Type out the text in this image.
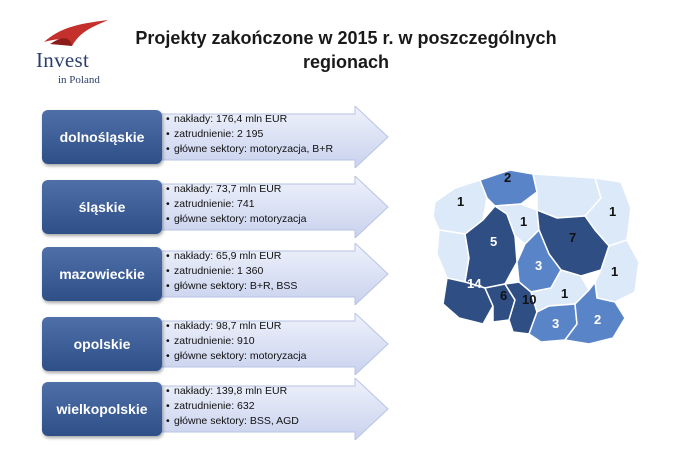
Invest
in Poland
Projekty zakończone w 2015 r. w poszczególnych regionach
dolnośląskie
• nakłady: 176,4 mln EUR
• zatrudnienie: 2 195
• główne sektory: motoryzacja, B+R
śląskie
• nakłady: 73,7 mln EUR
• zatrudnienie: 741
• główne sektory: motoryzacja
mazowieckie
• nakłady: 65,9 mln EUR
• zatrudnienie: 1 360
• główne sektory: B+R, BSS
opolskie
• nakłady: 98,7 mln EUR
• zatrudnienie: 910
• główne sektory: motoryzacja
wielkopolskie
• nakłady: 139,8 mln EUR
• zatrudnienie: 632
• główne sektory: BSS, AGD
2
1
1
1
5	7
3	1
14
6 10 1
3	2
